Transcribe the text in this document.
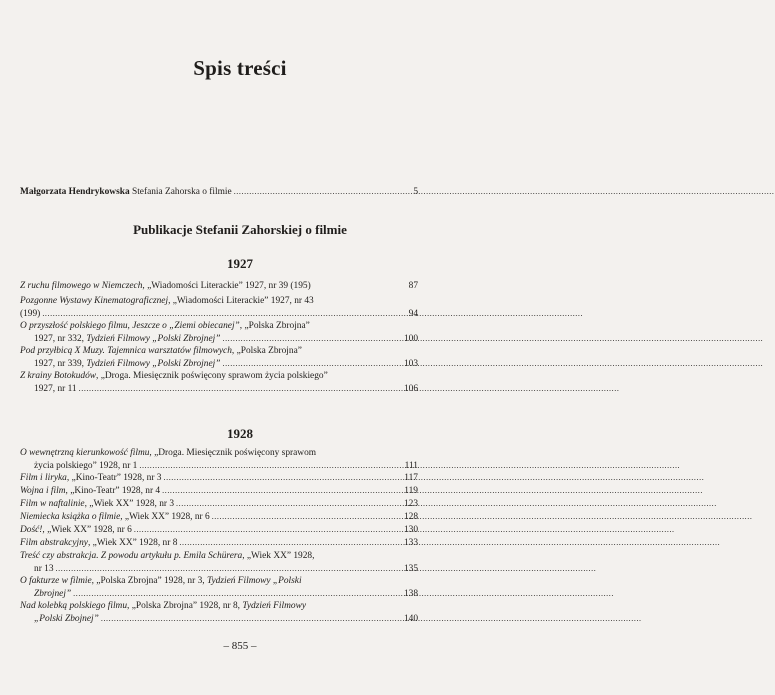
Spis treści
Małgorzata Hendrykowska Stefania Zahorska o filmie .....	5
Publikacje Stefanii Zahorskiej o filmie
1927
Z ruchu filmowego w Niemczech, „Wiadomości Literackie” 1927, nr 39 (195)	87
Pozgonne Wystawy Kinematograficznej, „Wiadomości Literackie” 1927, nr 43
(199) .....	94
O przyszłość polskiego filmu, Jeszcze o „Ziemi obiecanej”, „Polska Zbrojna”
1927, nr 332, Tydzień Filmowy „Polski Zbrojnej” .....	100
Pod przyłbicą X Muzy. Tajemnica warsztatów filmowych, „Polska Zbrojna”
1927, nr 339, Tydzień Filmowy „Polski Zbrojnej” .....	103
Z krainy Botokudów, „Droga. Miesięcznik poświęcony sprawom życia polskiego”
1927, nr 11 .....	106
1928
O wewnętrzną kierunkowość filmu, „Droga. Miesięcznik poświęcony sprawom
życia polskiego” 1928, nr 1 .....	111
Film i liryka, „Kino-Teatr” 1928, nr 3 .....	117
Wojna i film, „Kino-Teatr” 1928, nr 4 .....	119
Film w naftalinie, „Wiek XX” 1928, nr 3 .....	123
Niemiecka książka o filmie, „Wiek XX” 1928, nr 6 .....	128
Dość!, „Wiek XX” 1928, nr 6 .....	130
Film abstrakcyjny, „Wiek XX” 1928, nr 8 .....	133
Treść czy abstrakcja. Z powodu artykułu p. Emila Schürera, „Wiek XX” 1928,
nr 13 .....	135
O fakturze w filmie, „Polska Zbrojna” 1928, nr 3, Tydzień Filmowy „Polski
Zbrojnej” .....	138
Nad kolebką polskiego filmu, „Polska Zbrojna” 1928, nr 8, Tydzień Filmowy
„Polski Zbojnej” .....	140
– 855 –
